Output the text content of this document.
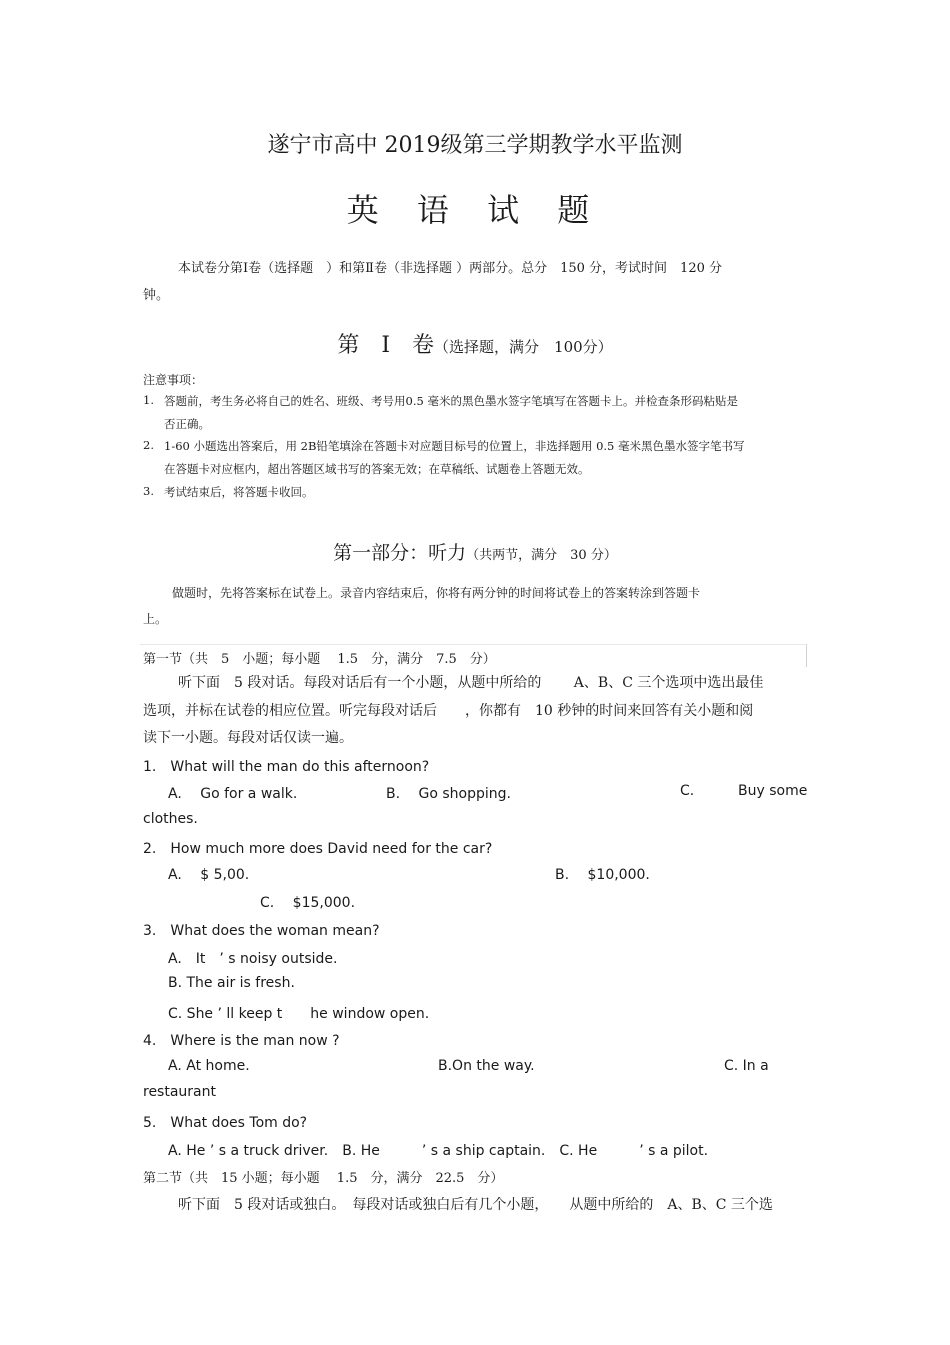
遂宁市高中 2019级第三学期教学水平监测
英 语 试 题
本试卷分第Ⅰ卷（选择题　）和第Ⅱ卷（非选择题 ）两部分。总分　150 分，考试时间　120 分
钟。
第　Ⅰ　卷（选择题，满分　100分）
注意事项：
1. 答题前，考生务必将自己的姓名、班级、考号用0.5 毫米的黑色墨水签字笔填写在答题卡上。并检查条形码粘贴是
否正确。
2. 1-60 小题选出答案后，用 2B铅笔填涂在答题卡对应题目标号的位置上，非选择题用 0.5 毫米黑色墨水签字笔书写
在答题卡对应框内，超出答题区域书写的答案无效；在草稿纸、试题卷上答题无效。
3. 考试结束后，将答题卡收回。
第一部分：听力（共两节，满分　30 分）
做题时，先将答案标在试卷上。录音内容结束后，你将有两分钟的时间将试卷上的答案转涂到答题卡
上。
第一节（共　5　小题；每小题　 1.5　分，满分　7.5　分）
听下面　5 段对话。每段对话后有一个小题，从题中所给的　　 A、B、C 三个选项中选出最佳
选项，并标在试卷的相应位置。听完每段对话后　　，你都有　10 秒钟的时间来回答有关小题和阅
读下一小题。每段对话仅读一遍。
1.　What will the man do this afternoon?
A.　 Go for a walk.	B.　 Go shopping.	C.	Buy some
clothes.
2.　How much more does David need for the car?
A.　 $ 5,00.	B.　 $10,000.
C.　 $15,000.
3.　What does the woman mean?
A.　It　’ s noisy outside.
B. The air is fresh.
C. She ’ ll keep t　　he window open.
4.　Where is the man now ?
A. At home.	B.On the way.	C. In a
restaurant
5.　What does Tom do?
A. He ’ s a truck driver.　B. He　　　’ s a ship captain.　C. He　　　’ s a pilot.
第二节（共　15 小题；每小题　 1.5　分，满分　22.5　分）
听下面　5 段对话或独白。　每段对话或独白后有几个小题，　　从题中所给的　A、B、C 三个选
